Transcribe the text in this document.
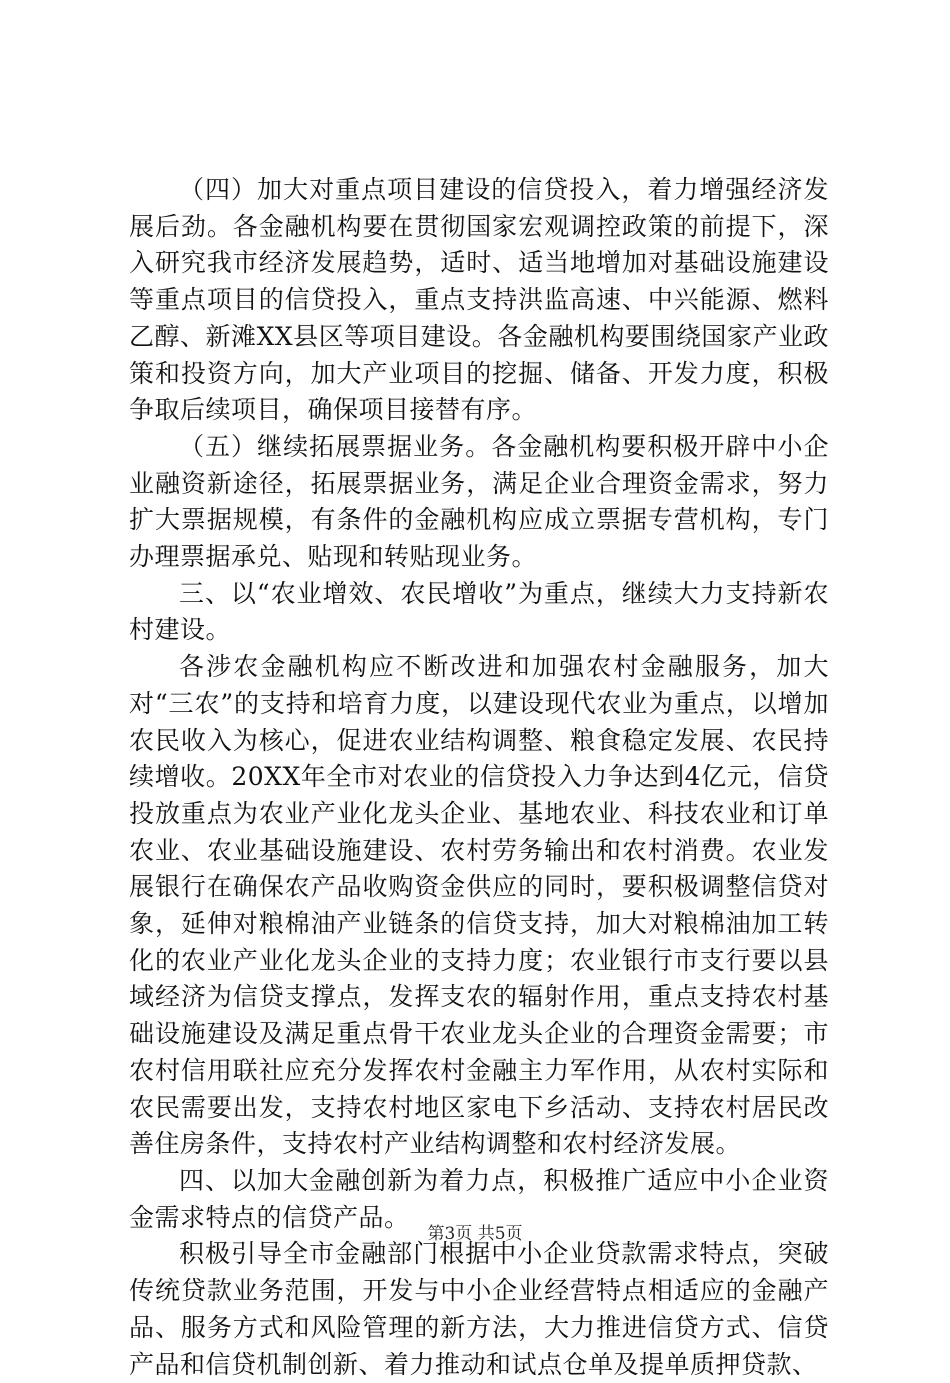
（四）加大对重点项目建设的信贷投入，着力增强经济发展后劲。各金融机构要在贯彻国家宏观调控政策的前提下，深入研究我市经济发展趋势，适时、适当地增加对基础设施建设等重点项目的信贷投入，重点支持洪监高速、中兴能源、燃料乙醇、新滩XX县区等项目建设。各金融机构要围绕国家产业政策和投资方向，加大产业项目的挖掘、储备、开发力度，积极争取后续项目，确保项目接替有序。

（五）继续拓展票据业务。各金融机构要积极开辟中小企业融资新途径，拓展票据业务，满足企业合理资金需求，努力扩大票据规模，有条件的金融机构应成立票据专营机构，专门办理票据承兑、贴现和转贴现业务。

三、以“农业增效、农民增收”为重点，继续大力支持新农村建设。

各涉农金融机构应不断改进和加强农村金融服务，加大对“三农”的支持和培育力度，以建设现代农业为重点，以增加农民收入为核心，促进农业结构调整、粮食稳定发展、农民持续增收。20XX年全市对农业的信贷投入力争达到4亿元，信贷投放重点为农业产业化龙头企业、基地农业、科技农业和订单农业、农业基础设施建设、农村劳务输出和农村消费。农业发展银行在确保农产品收购资金供应的同时，要积极调整信贷对象，延伸对粮棉油产业链条的信贷支持，加大对粮棉油加工转化的农业产业化龙头企业的支持力度；农业银行市支行要以县域经济为信贷支撑点，发挥支农的辐射作用，重点支持农村基础设施建设及满足重点骨干农业龙头企业的合理资金需要；市农村信用联社应充分发挥农村金融主力军作用，从农村实际和农民需要出发，支持农村地区家电下乡活动、支持农村居民改善住房条件，支持农村产业结构调整和农村经济发展。

四、以加大金融创新为着力点，积极推广适应中小企业资金需求特点的信贷产品。

积极引导全市金融部门根据中小企业贷款需求特点，突破传统贷款业务范围，开发与中小企业经营特点相适应的金融产品、服务方式和风险管理的新方法，大力推进信贷方式、信贷产品和信贷机制创新、着力推动和试点仓单及提单质押贷款、

第3页 共5页
